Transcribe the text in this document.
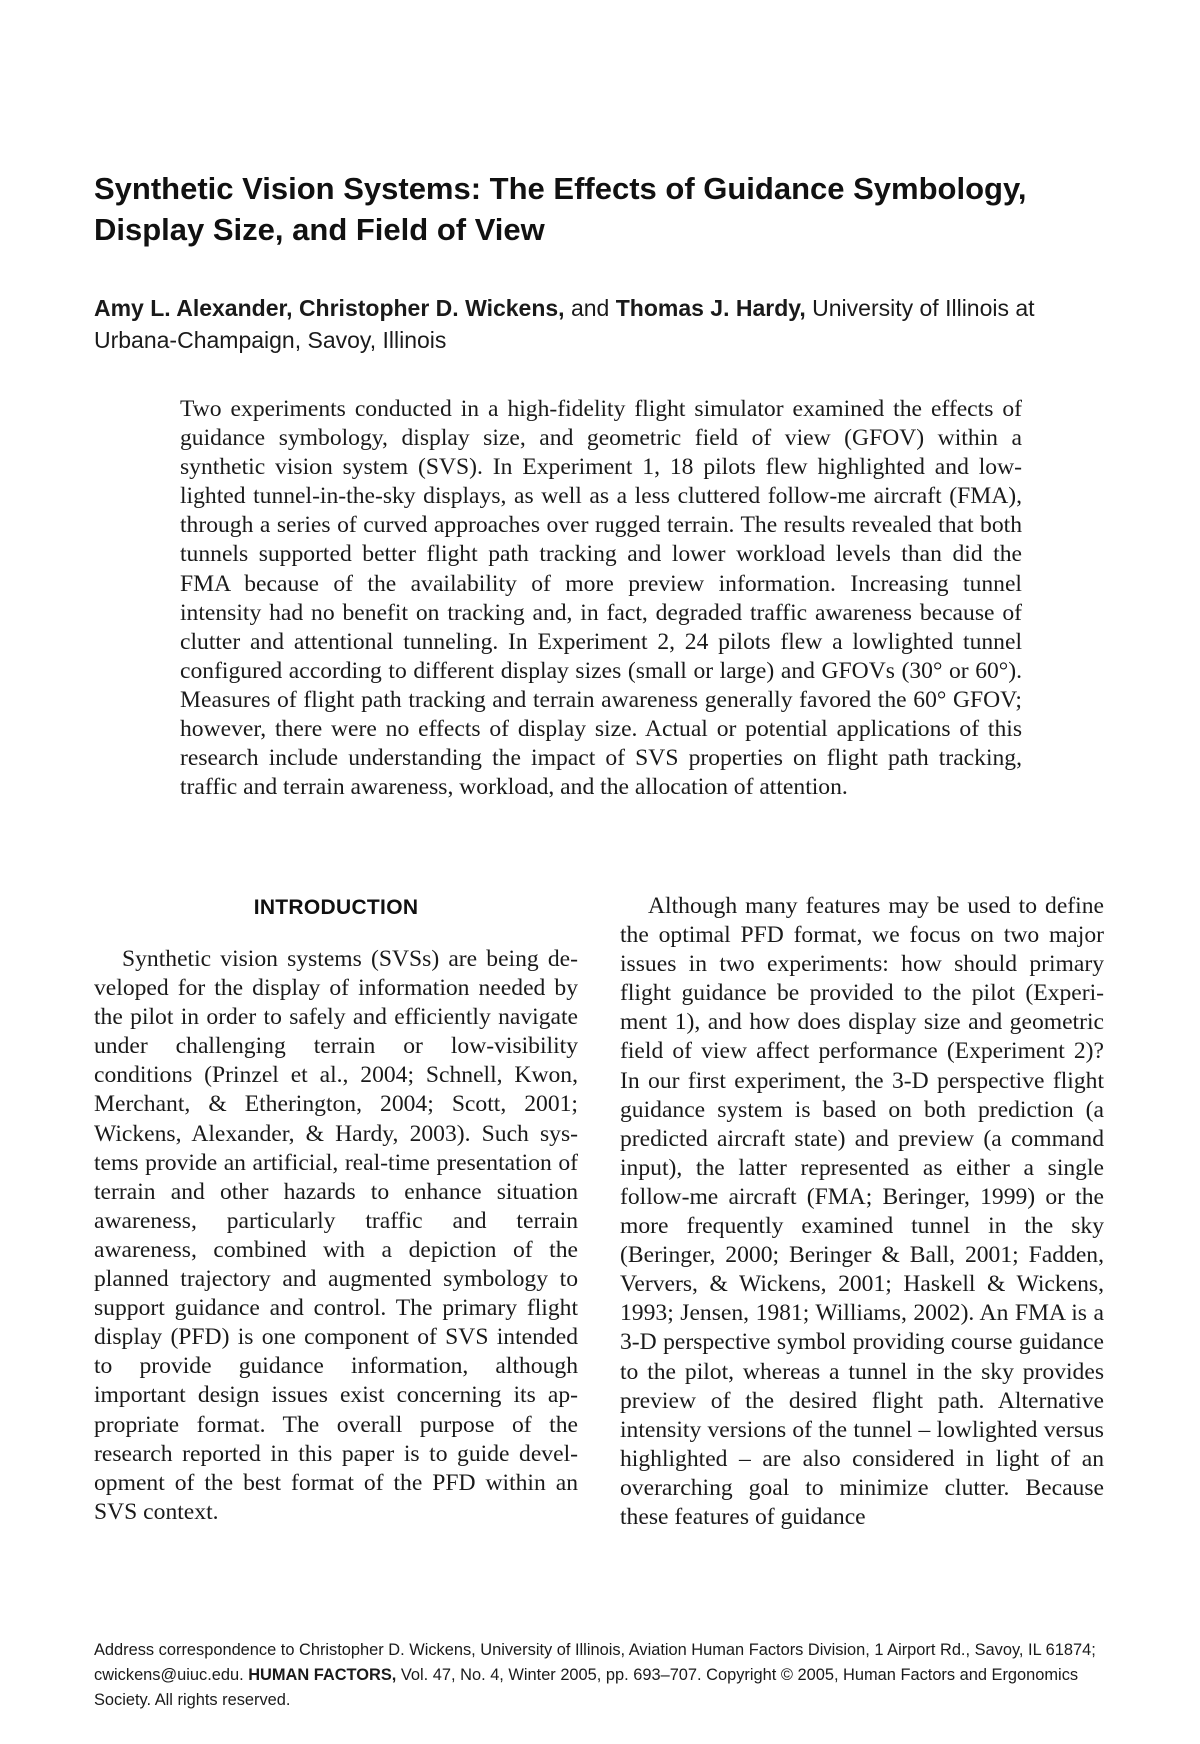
Synthetic Vision Systems: The Effects of Guidance Symbology, Display Size, and Field of View
Amy L. Alexander, Christopher D. Wickens, and Thomas J. Hardy, University of Illinois at Urbana-Champaign, Savoy, Illinois
Two experiments conducted in a high-fidelity flight simulator examined the effects of guidance symbology, display size, and geometric field of view (GFOV) within a synthetic vision system (SVS). In Experiment 1, 18 pilots flew highlighted and lowlighted tunnel-in-the-sky displays, as well as a less cluttered follow-me aircraft (FMA), through a series of curved approaches over rugged terrain. The results revealed that both tunnels supported better flight path tracking and lower workload levels than did the FMA because of the availability of more preview information. Increasing tunnel intensity had no benefit on tracking and, in fact, degraded traffic awareness because of clutter and attentional tunneling. In Experiment 2, 24 pilots flew a lowlighted tunnel configured according to different display sizes (small or large) and GFOVs (30° or 60°). Measures of flight path tracking and terrain awareness generally favored the 60° GFOV; however, there were no effects of display size. Actual or potential applications of this research include understanding the impact of SVS properties on flight path tracking, traffic and terrain awareness, workload, and the allocation of attention.
INTRODUCTION

Synthetic vision systems (SVSs) are being developed for the display of information needed by the pilot in order to safely and efficiently navigate under challenging terrain or low-visibility conditions (Prinzel et al., 2004; Schnell, Kwon, Merchant, & Etherington, 2004; Scott, 2001; Wickens, Alexander, & Hardy, 2003). Such systems provide an artificial, real-time presentation of terrain and other hazards to enhance situation awareness, particularly traffic and terrain awareness, combined with a depiction of the planned trajectory and augmented symbology to support guidance and control. The primary flight display (PFD) is one component of SVS intended to provide guidance information, although important design issues exist concerning its appropriate format. The overall purpose of the research reported in this paper is to guide development of the best format of the PFD within an SVS context.

Although many features may be used to define the optimal PFD format, we focus on two major issues in two experiments: how should primary flight guidance be provided to the pilot (Experiment 1), and how does display size and geometric field of view affect performance (Experiment 2)? In our first experiment, the 3-D perspective flight guidance system is based on both prediction (a predicted aircraft state) and preview (a command input), the latter represented as either a single follow-me aircraft (FMA; Beringer, 1999) or the more frequently examined tunnel in the sky (Beringer, 2000; Beringer & Ball, 2001; Fadden, Ververs, & Wickens, 2001; Haskell & Wickens, 1993; Jensen, 1981; Williams, 2002). An FMA is a 3-D perspective symbol providing course guidance to the pilot, whereas a tunnel in the sky provides preview of the desired flight path. Alternative intensity versions of the tunnel – lowlighted versus highlighted – are also considered in light of an overarching goal to minimize clutter. Because these features of guidance

Address correspondence to Christopher D. Wickens, University of Illinois, Aviation Human Factors Division, 1 Airport Rd., Savoy, IL 61874; cwickens@uiuc.edu. HUMAN FACTORS, Vol. 47, No. 4, Winter 2005, pp. 693–707. Copyright © 2005, Human Factors and Ergonomics Society. All rights reserved.
